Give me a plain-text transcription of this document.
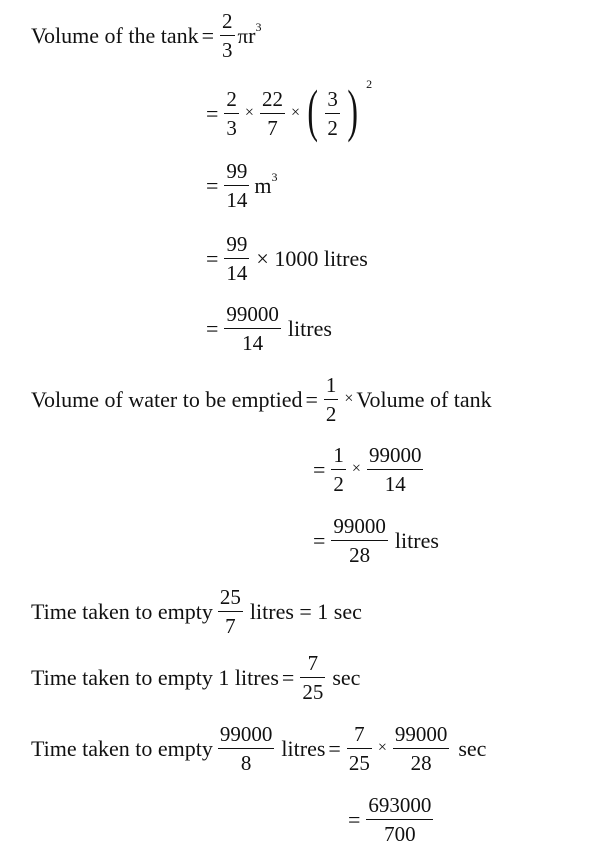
Volume of the $\tan k = \frac{2}{3}$ π r 3
= $\frac{2}{3} \times \frac{22}{7}$ × ( $\frac{3}{2}$ ) 2
= $\frac{99}{14}$ m 3
= $\frac{99}{14} \times 1000$ litres
= $\frac{99000}{14}$ litres
Volume of water to be emptied = $\frac{1}{2}$ × Volume of tank
= $\frac{1}{2} \times \frac{99000}{14}$
= $\frac{99000}{28}$ litres
Time taken to empty $\frac{25}{7}$ litres = 1 sec
Time taken to empty 1 litres = $\frac{7}{25}$ sec
Time taken to empty $\frac{99000}{8}$ litres = $\frac{7}{25} \times \frac{99000}{28}$ sec
= $\frac{693000}{700}$
